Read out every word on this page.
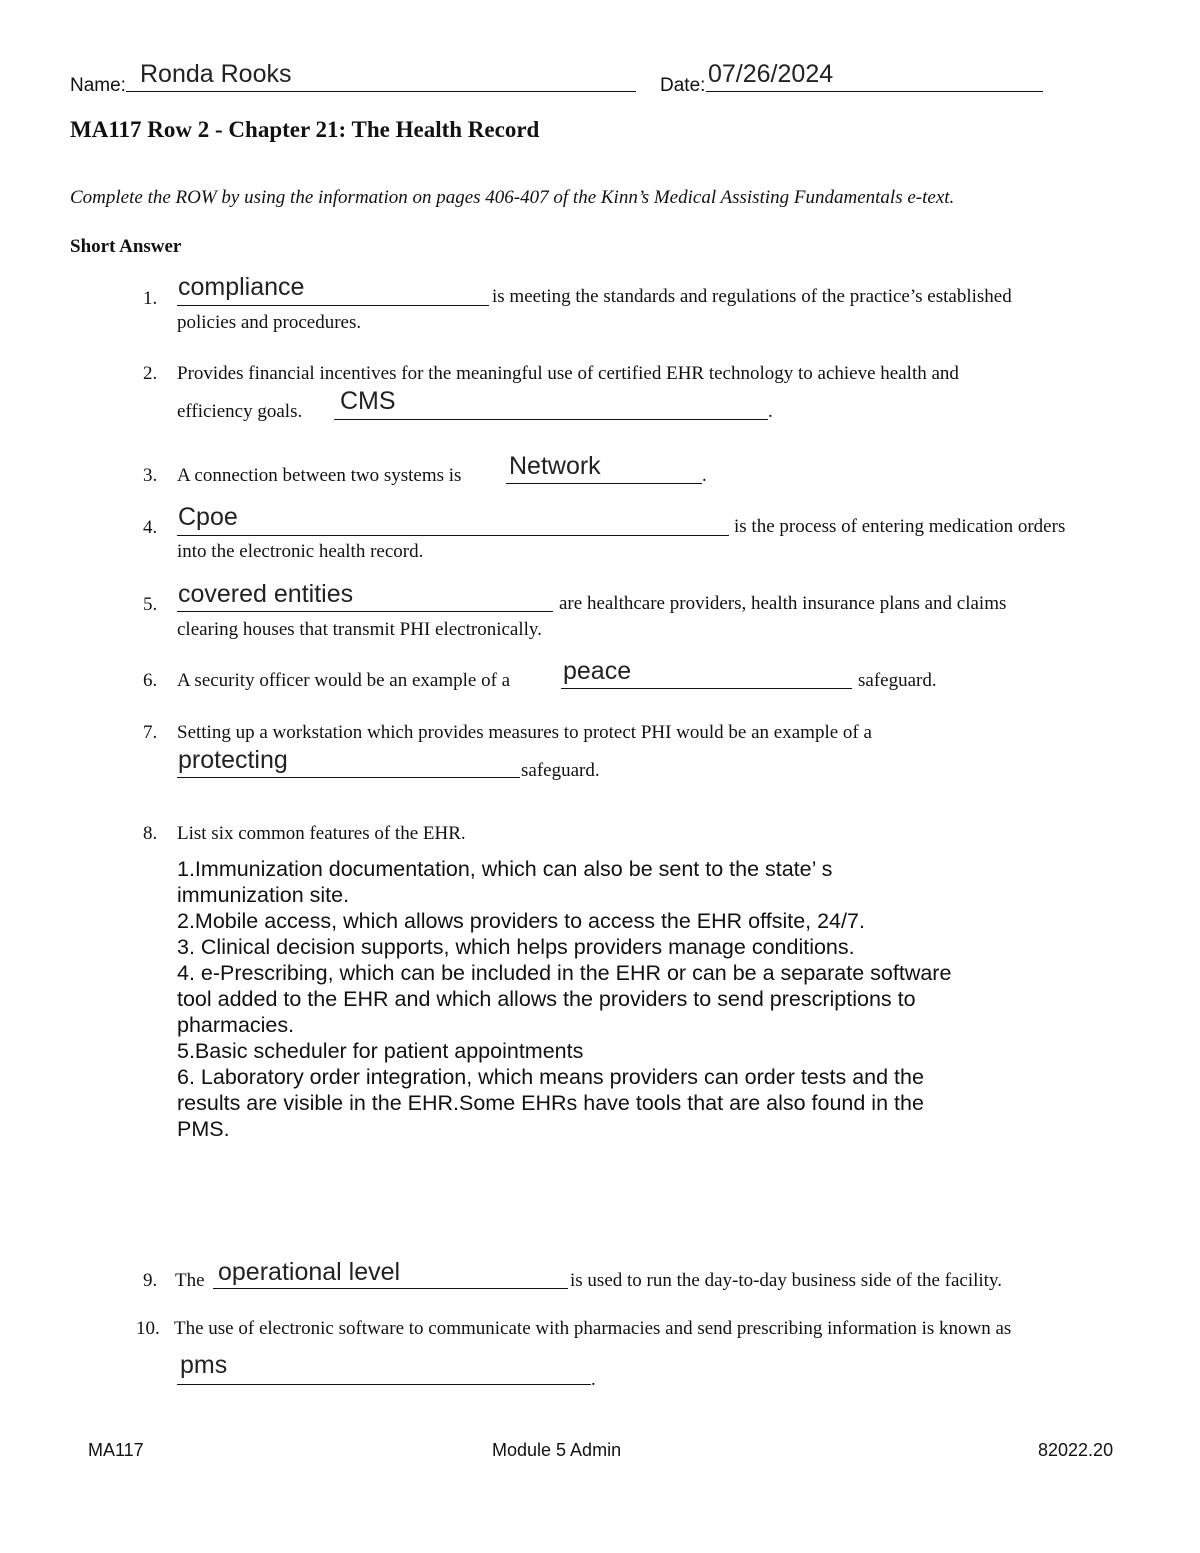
Name: Ronda Rooks	Date: 07/26/2024
MA117 Row 2 - Chapter 21: The Health Record
Complete the ROW by using the information on pages 406-407 of the Kinn’s Medical Assisting Fundamentals e-text.
Short Answer
1. compliance	is meeting the standards and regulations of the practice’s established
policies and procedures.
2. Provides financial incentives for the meaningful use of certified EHR technology to achieve health and
efficiency goals. CMS	.
3. A connection between two systems is Network	.
4. Cpoe	is the process of entering medication orders
into the electronic health record.
5. covered entities	are healthcare providers, health insurance plans and claims
clearing houses that transmit PHI electronically.
6. A security officer would be an example of a peace	safeguard.
7. Setting up a workstation which provides measures to protect PHI would be an example of a
protecting	safeguard.
8. List six common features of the EHR.
1.Immunization documentation, which can also be sent to the state’ s
immunization site.
2.Mobile access, which allows providers to access the EHR offsite, 24/7.
3. Clinical decision supports, which helps providers manage conditions.
4. e-Prescribing, which can be included in the EHR or can be a separate software
tool added to the EHR and which allows the providers to send prescriptions to
pharmacies.
5.Basic scheduler for patient appointments
6. Laboratory order integration, which means providers can order tests and the
results are visible in the EHR.Some EHRs have tools that are also found in the
PMS.
9. The operational level	is used to run the day-to-day business side of the facility.
10. The use of electronic software to communicate with pharmacies and send prescribing information is known as
pms
.
MA117	Module 5 Admin	82022.20
